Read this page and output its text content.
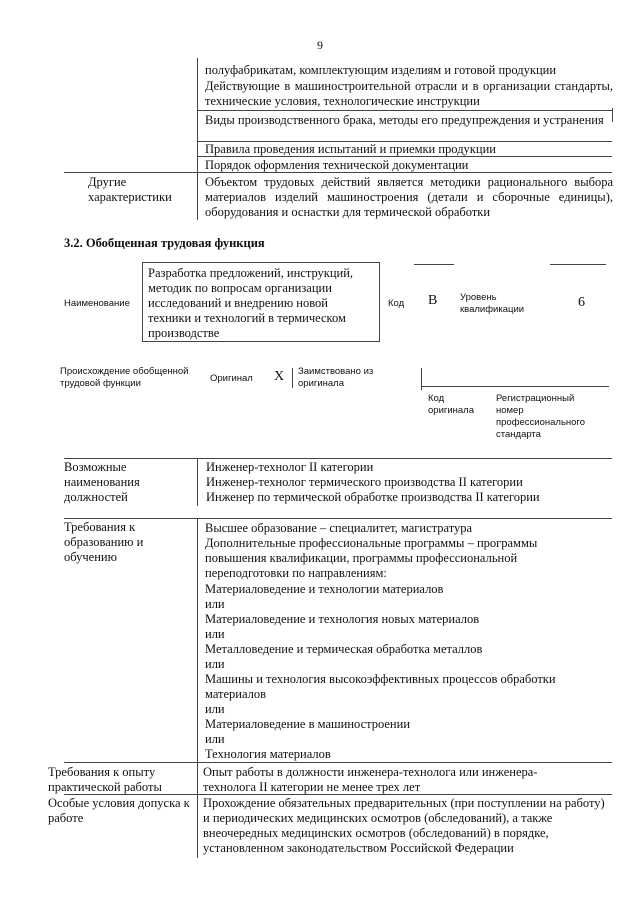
9
полуфабрикатам, комплектующим изделиям и готовой продукции
Действующие в машиностроительной отрасли и в организации стандарты, технические условия, технологические инструкции
Виды производственного брака, методы его предупреждения и устранения
Правила проведения испытаний и приемки продукции
Порядок оформления технической документации
Другие характеристики
Объектом трудовых действий является методики рационального выбора материалов изделий машиностроения (детали и сборочные единицы), оборудования и оснастки для термической обработки
3.2. Обобщенная трудовая функция
Наименование
Разработка предложений, инструкций, методик по вопросам организации исследований и внедрению новой техники и технологий в термическом производстве
Код B Уровень квалификации	6
Происхождение обобщенной трудовой функции	Оригинал X Заимствовано из оригинала
Код оригинала
Регистрационный номер профессионального стандарта
Возможные наименования должностей
Инженер-технолог II категории
Инженер-технолог термического производства II категории
Инженер по термической обработке производства II категории
Требования к образованию и обучению
Высшее образование – специалитет, магистратура
Дополнительные профессиональные программы – программы повышения квалификации, программы профессиональной переподготовки по направлениям:
Материаловедение и технологии материалов
или
Материаловедение и технология новых материалов
или
Металловедение и термическая обработка металлов
или
Машины и технология высокоэффективных процессов обработки материалов
или
Материаловедение в машиностроении
или
Технология материалов
Требования к опыту практической работы
Опыт работы в должности инженера-технолога или инженера-технолога II категории не менее трех лет
Особые условия допуска к работе
Прохождение обязательных предварительных (при поступлении на работу) и периодических медицинских осмотров (обследований), а также внеочередных медицинских осмотров (обследований) в порядке, установленном законодательством Российской Федерации
